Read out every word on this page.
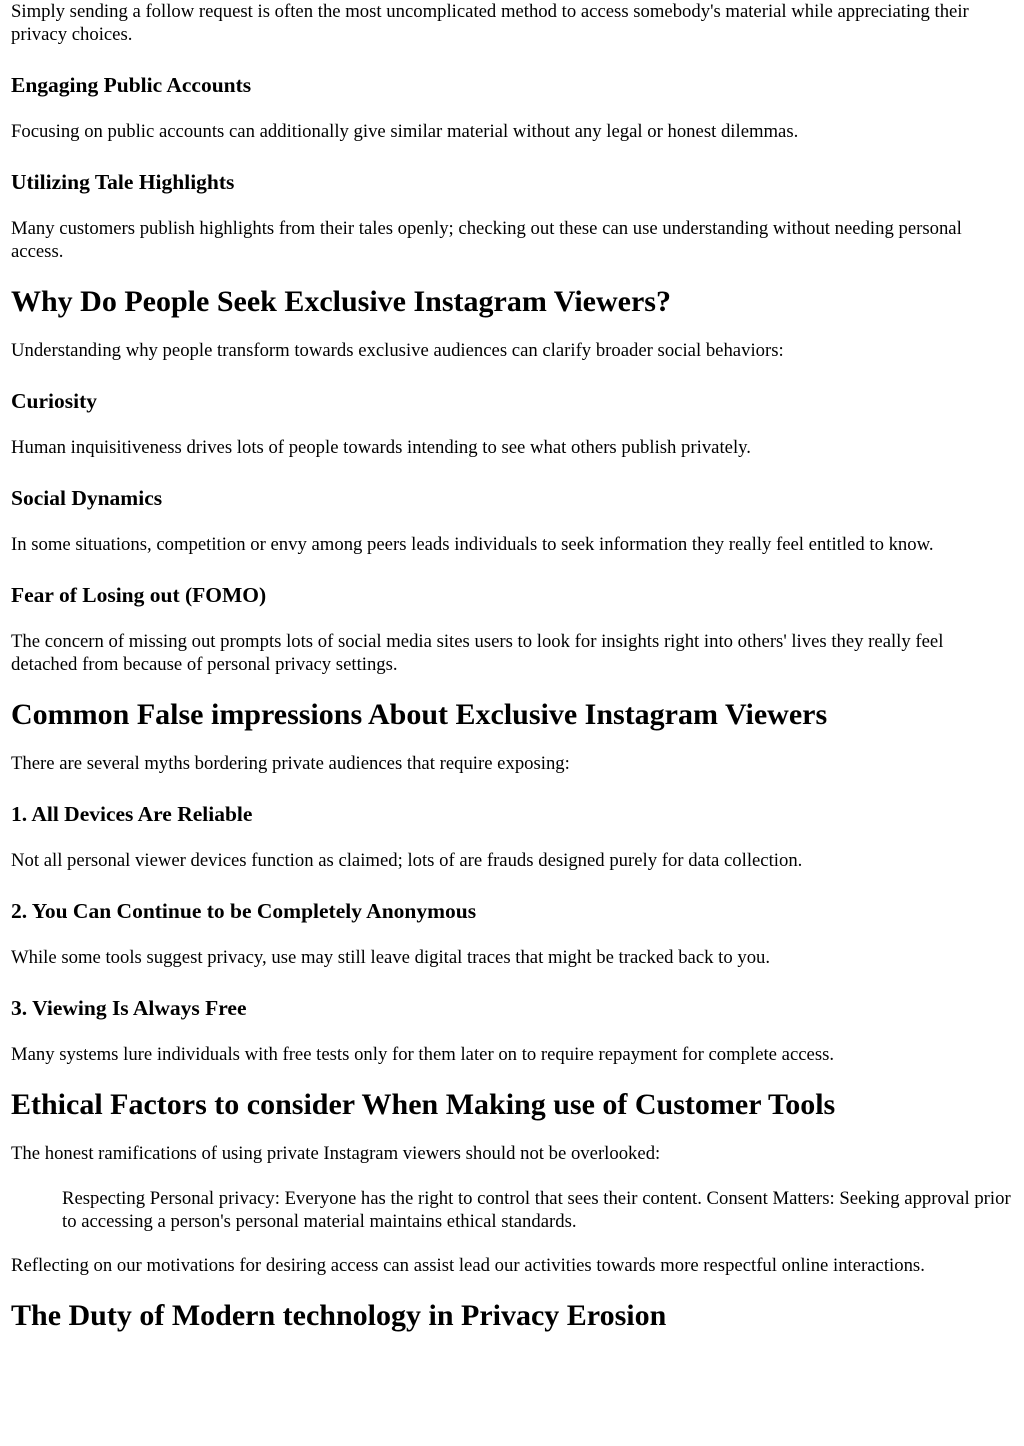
Simply sending a follow request is often the most uncomplicated method to access somebody's material while appreciating their privacy choices.

Engaging Public Accounts

Focusing on public accounts can additionally give similar material without any legal or honest dilemmas.

Utilizing Tale Highlights

Many customers publish highlights from their tales openly; checking out these can use understanding without needing personal access.

Why Do People Seek Exclusive Instagram Viewers?

Understanding why people transform towards exclusive audiences can clarify broader social behaviors:

Curiosity

Human inquisitiveness drives lots of people towards intending to see what others publish privately.

Social Dynamics

In some situations, competition or envy among peers leads individuals to seek information they really feel entitled to know.

Fear of Losing out (FOMO)

The concern of missing out prompts lots of social media sites users to look for insights right into others' lives they really feel detached from because of personal privacy settings.

Common False impressions About Exclusive Instagram Viewers

There are several myths bordering private audiences that require exposing:

1. All Devices Are Reliable

Not all personal viewer devices function as claimed; lots of are frauds designed purely for data collection.

2. You Can Continue to be Completely Anonymous

While some tools suggest privacy, use may still leave digital traces that might be tracked back to you.

3. Viewing Is Always Free

Many systems lure individuals with free tests only for them later on to require repayment for complete access.

Ethical Factors to consider When Making use of Customer Tools

The honest ramifications of using private Instagram viewers should not be overlooked:

Respecting Personal privacy: Everyone has the right to control that sees their content. Consent Matters: Seeking approval prior to accessing a person's personal material maintains ethical standards.

Reflecting on our motivations for desiring access can assist lead our activities towards more respectful online interactions.

The Duty of Modern technology in Privacy Erosion
